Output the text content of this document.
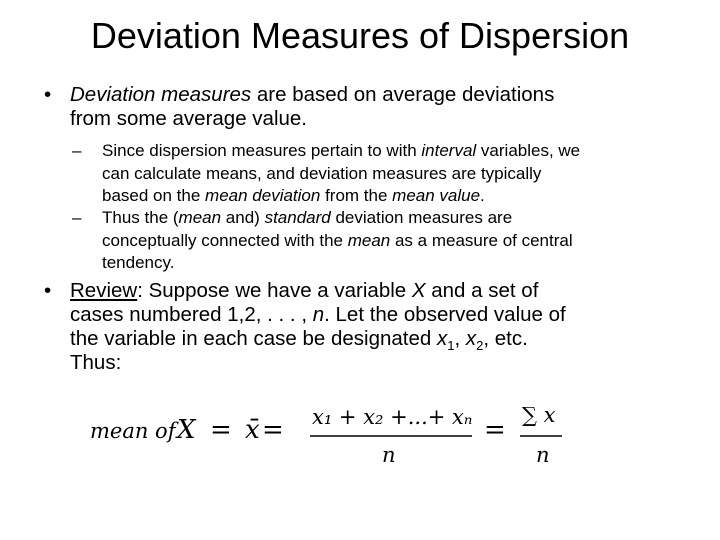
Deviation Measures of Dispersion
• Deviation measures are based on average deviations
from some average value.
– Since dispersion measures pertain to with interval variables, we
can calculate means, and deviation measures are typically
based on the mean deviation from the mean value.
– Thus the (mean and) standard deviation measures are
conceptually connected with the mean as a measure of central
tendency.
• Review: Suppose we have a variable X and a set of
cases numbered 1,2, . . . , n. Let the observed value of
the variable in each case be designated $x_1$, $x_2$, etc.
Thus:
mean of X = x̄ = x₁ + x₂ +...+ xₙ
n
= ∑ x
n
